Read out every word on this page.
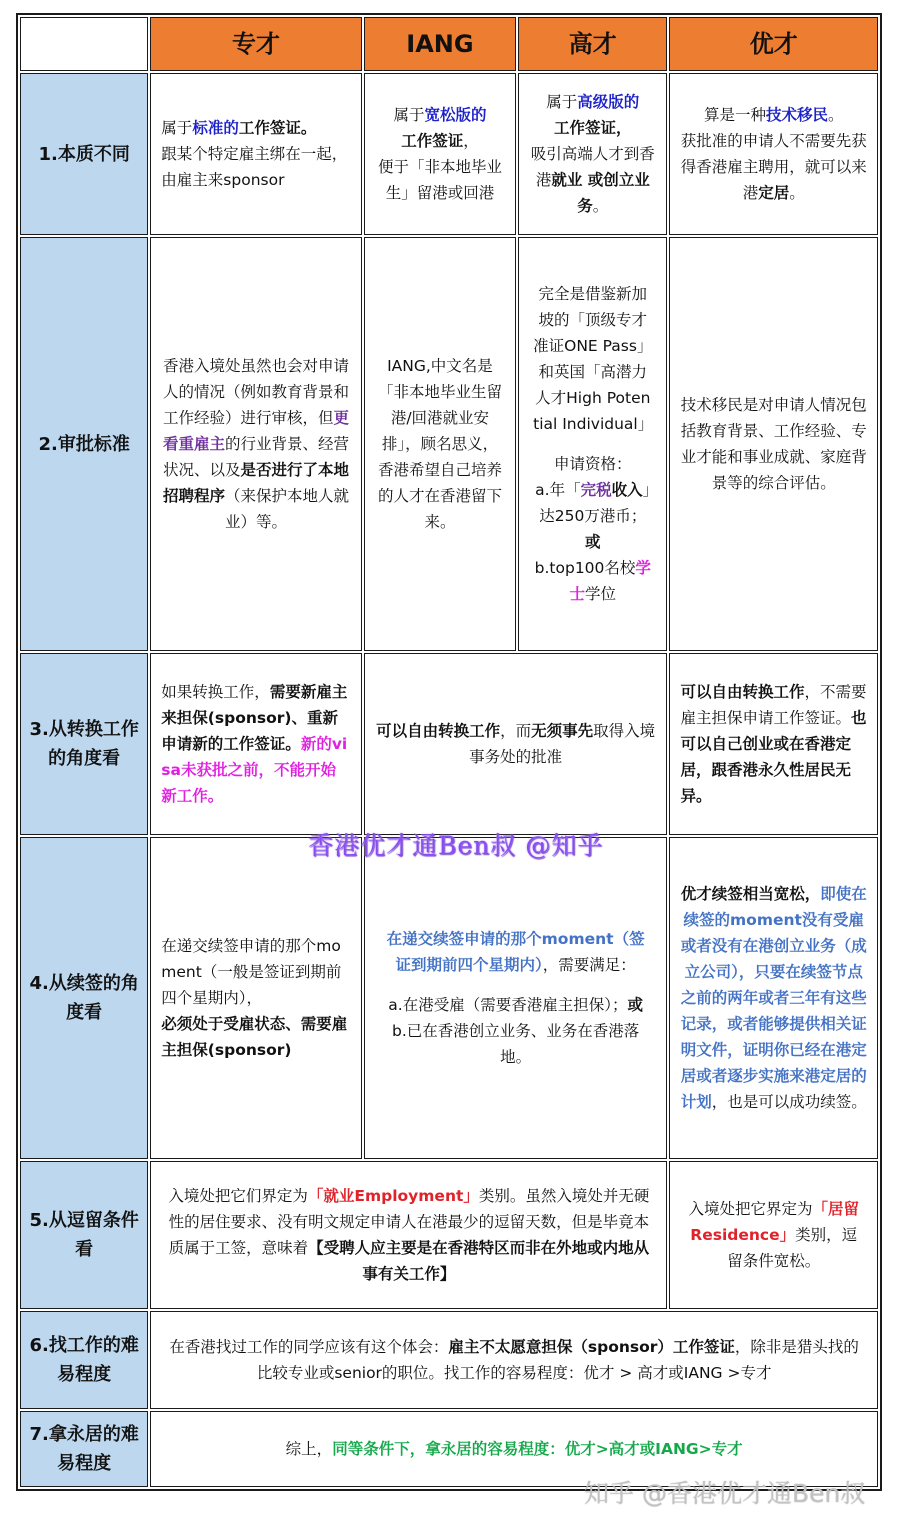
	专才	IANG	高才	优才
1.本质不同	属于标准的工作签证。
跟某个特定雇主绑在一起，由雇主来sponsor	属于宽松版的
工作签证，
便于「非本地毕业生」留港或回港	属于高级版的
工作签证，
吸引高端人才到香港就业 或创立业务。	算是一种技术移民。
获批准的申请人不需要先获得香港雇主聘用，就可以来港定居。
2.审批标准	香港入境处虽然也会对申请人的情况（例如教育背景和工作经验）进行审核，但更看重雇主的行业背景、经营状况、以及是否进行了本地招聘程序（来保护本地人就业）等。	IANG,中文名是「非本地毕业生留港/回港就业安排」，顾名思义，香港希望自己培养的人才在香港留下来。	完全是借鉴新加坡的「顶级专才准证ONE Pass」和英国「高潜力人才High Potential Individual」
申请资格：
a.年「完税收入」达250万港币；或
b.top100名校学士学位	技术移民是对申请人情况包括教育背景、工作经验、专业才能和事业成就、家庭背景等的综合评估。
3.从转换工作的角度看	如果转换工作，需要新雇主来担保(sponsor)、重新申请新的工作签证。新的visa未获批之前，不能开始新工作。	可以自由转换工作，而无须事先取得入境事务处的批准		可以自由转换工作，不需要雇主担保申请工作签证。也可以自己创业或在香港定居，跟香港永久性居民无异。
4.从续签的角度看	在递交续签申请的那个moment（一般是签证到期前四个星期内），
必须处于受雇状态、需要雇主担保(sponsor)	在递交续签申请的那个moment（签证到期前四个星期内），需要满足：
a.在港受雇（需要香港雇主担保）；或
b.已在香港创立业务、业务在香港落地。		优才续签相当宽松，即使在续签的moment没有受雇或者没有在港创立业务（成立公司），只要在续签节点之前的两年或者三年有这些记录，或者能够提供相关证明文件，证明你已经在港定居或者逐步实施来港定居的计划，也是可以成功续签。
5.从逗留条件看	入境处把它们界定为「就业Employment」类别。虽然入境处并无硬性的居住要求、没有明文规定申请人在港最少的逗留天数，但是毕竟本质属于工签，意味着【受聘人应主要是在香港特区而非在外地或内地从事有关工作】			入境处把它界定为「居留Residence」类别，逗留条件宽松。
6.找工作的难易程度	在香港找过工作的同学应该有这个体会：雇主不太愿意担保（sponsor）工作签证，除非是猎头找的比较专业或senior的职位。找工作的容易程度：优才 > 高才或IANG >专才			
7.拿永居的难易程度	综上，同等条件下，拿永居的容易程度：优才>高才或IANG>专才			
香港优才通Ben叔 @知乎
知乎 @香港优才通Ben叔
